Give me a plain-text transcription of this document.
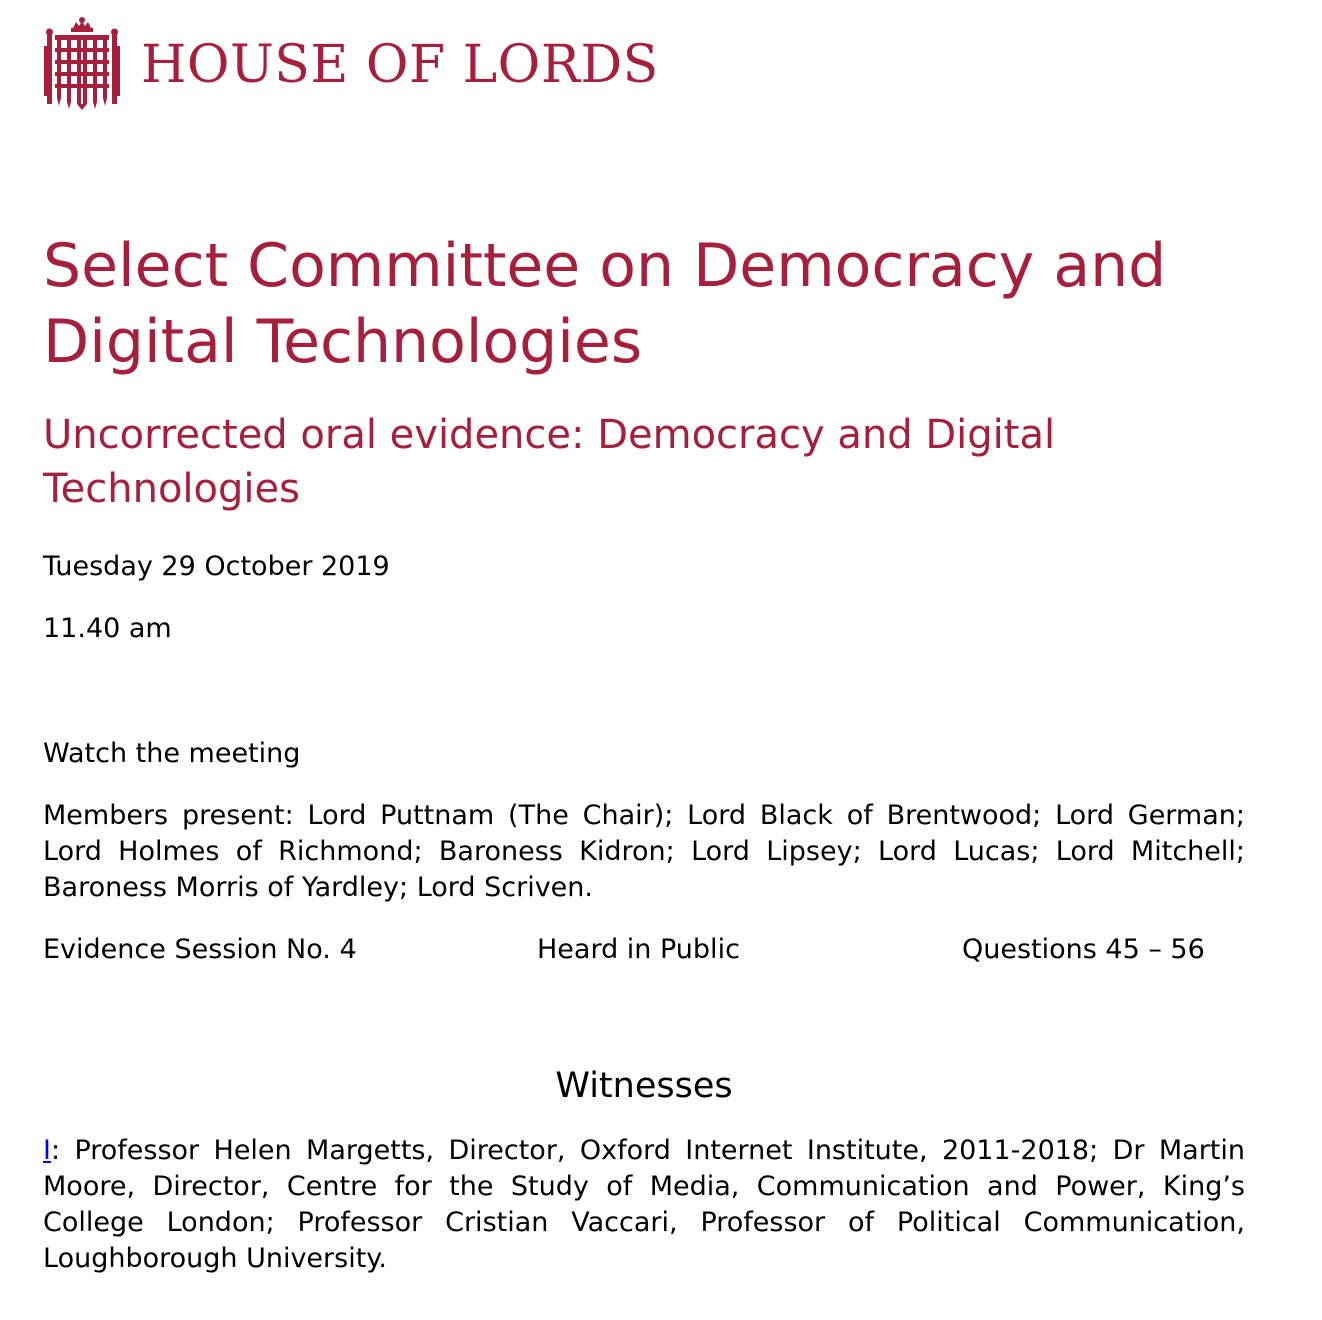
HOUSE OF LORDS
Select Committee on Democracy and Digital Technologies
Uncorrected oral evidence: Democracy and Digital Technologies

Tuesday 29 October 2019

11.40 am

Watch the meeting

Members present: Lord Puttnam (The Chair); Lord Black of Brentwood; Lord German; Lord Holmes of Richmond; Baroness Kidron; Lord Lipsey; Lord Lucas; Lord Mitchell; Baroness Morris of Yardley; Lord Scriven.

Evidence Session No. 4	Heard in Public	Questions 45 – 56
Witnesses

I: Professor Helen Margetts, Director, Oxford Internet Institute, 2011-2018; Dr Martin Moore, Director, Centre for the Study of Media, Communication and Power, King’s College London; Professor Cristian Vaccari, Professor of Political Communication, Loughborough University.
